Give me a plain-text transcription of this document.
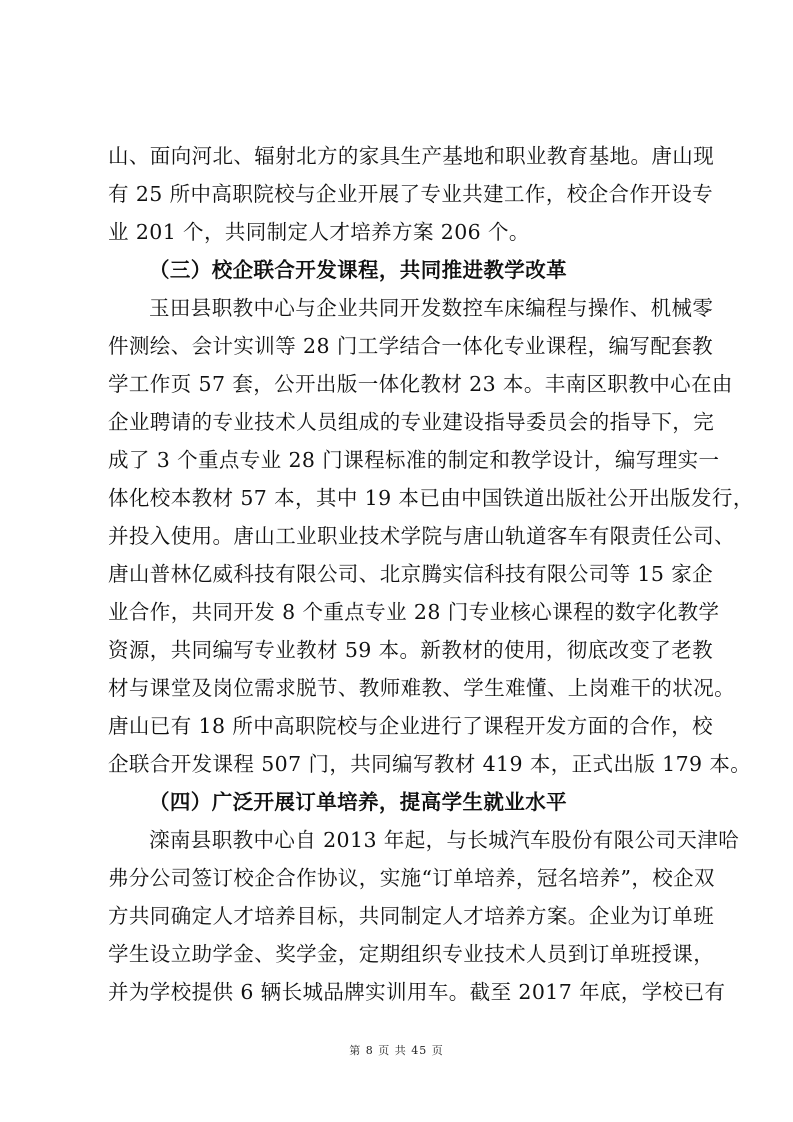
山、面向河北、辐射北方的家具生产基地和职业教育基地。唐山现
有 25 所中高职院校与企业开展了专业共建工作，校企合作开设专
业 201 个，共同制定人才培养方案 206 个。
（三）校企联合开发课程，共同推进教学改革
玉田县职教中心与企业共同开发数控车床编程与操作、机械零
件测绘、会计实训等 28 门工学结合一体化专业课程，编写配套教
学工作页 57 套，公开出版一体化教材 23 本。丰南区职教中心在由
企业聘请的专业技术人员组成的专业建设指导委员会的指导下，完
成了 3 个重点专业 28 门课程标准的制定和教学设计，编写理实一
体化校本教材 57 本，其中 19 本已由中国铁道出版社公开出版发行，
并投入使用。唐山工业职业技术学院与唐山轨道客车有限责任公司、
唐山普林亿威科技有限公司、北京腾实信科技有限公司等 15 家企
业合作，共同开发 8 个重点专业 28 门专业核心课程的数字化教学
资源，共同编写专业教材 59 本。新教材的使用，彻底改变了老教
材与课堂及岗位需求脱节、教师难教、学生难懂、上岗难干的状况。
唐山已有 18 所中高职院校与企业进行了课程开发方面的合作，校
企联合开发课程 507 门，共同编写教材 419 本，正式出版 179 本。
（四）广泛开展订单培养，提高学生就业水平
滦南县职教中心自 2013 年起，与长城汽车股份有限公司天津哈
弗分公司签订校企合作协议，实施“订单培养，冠名培养”，校企双
方共同确定人才培养目标，共同制定人才培养方案。企业为订单班
学生设立助学金、奖学金，定期组织专业技术人员到订单班授课，
并为学校提供 6 辆长城品牌实训用车。截至 2017 年底，学校已有
第 8 页 共 45 页
